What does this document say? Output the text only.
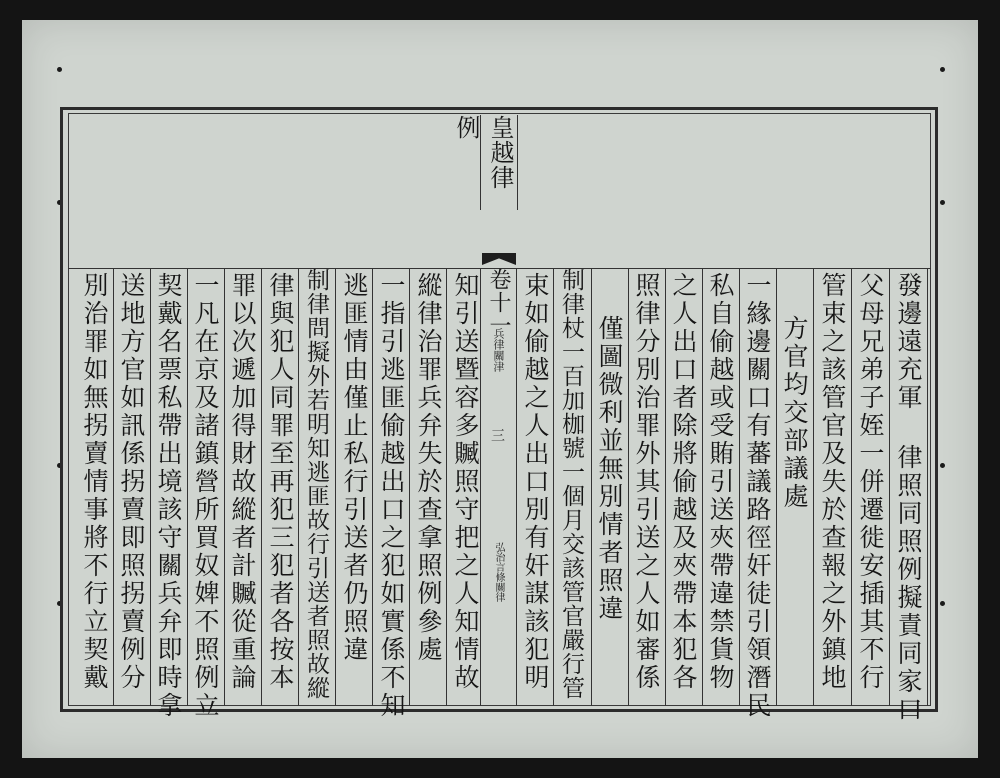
皇越律例
卷十一
兵律關津
三
弘治言條關律	發邊遠充軍 律照同照例擬責同家口
父母兄弟子姪一併遷徙安插其不行
管束之該管官及失於查報之外鎮地
方官均交部議處
一緣邊關口有蕃議路徑奸徒引領潛民
私自偷越或受賄引送夾帶違禁貨物
之人出口者除將偷越及夾帶本犯各
照律分別治罪外其引送之人如審係
僅圖微利並無別情者照違
制律杖一百加枷號一個月交該管官嚴行管
束如偷越之人出口別有奸謀該犯明
知引送暨容多贓照守把之人知情故
縱律治罪兵弁失於查拿照例參處
一指引逃匪偷越出口之犯如實係不知
逃匪情由僅止私行引送者仍照違
制律問擬外若明知逃匪故行引送者照故縱
律與犯人同罪至再犯三犯者各按本
罪以次遞加得財故縱者計贓從重論
一凡在京及諸鎮營所買奴婢不照例立
契戴名票私帶出境該守關兵弁即時拿
送地方官如訊係拐賣即照拐賣例分
別治罪如無拐賣情事將不行立契戴
